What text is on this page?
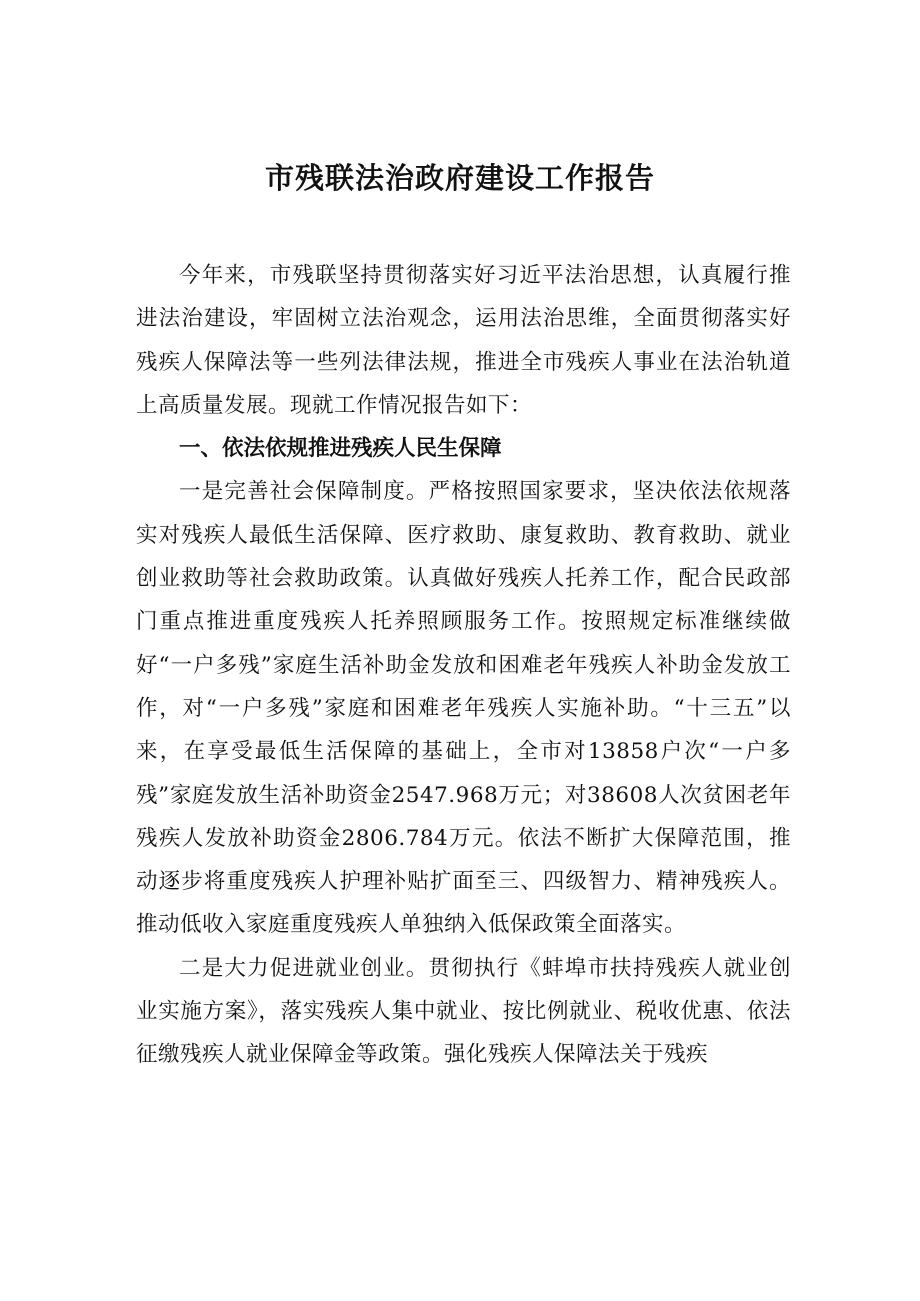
市残联法治政府建设工作报告

今年来，市残联坚持贯彻落实好习近平法治思想，认真履行推进法治建设，牢固树立法治观念，运用法治思维，全面贯彻落实好残疾人保障法等一些列法律法规，推进全市残疾人事业在法治轨道上高质量发展。现就工作情况报告如下：

一、依法依规推进残疾人民生保障

一是完善社会保障制度。严格按照国家要求，坚决依法依规落实对残疾人最低生活保障、医疗救助、康复救助、教育救助、就业创业救助等社会救助政策。认真做好残疾人托养工作，配合民政部门重点推进重度残疾人托养照顾服务工作。按照规定标准继续做好“一户多残”家庭生活补助金发放和困难老年残疾人补助金发放工作，对“一户多残”家庭和困难老年残疾人实施补助。“十三五”以来，在享受最低生活保障的基础上，全市对13858户次“一户多残”家庭发放生活补助资金2547.968万元；对38608人次贫困老年残疾人发放补助资金2806.784万元。依法不断扩大保障范围，推动逐步将重度残疾人护理补贴扩面至三、四级智力、精神残疾人。推动低收入家庭重度残疾人单独纳入低保政策全面落实。

二是大力促进就业创业。贯彻执行《蚌埠市扶持残疾人就业创业实施方案》，落实残疾人集中就业、按比例就业、税收优惠、依法征缴残疾人就业保障金等政策。强化残疾人保障法关于残疾
